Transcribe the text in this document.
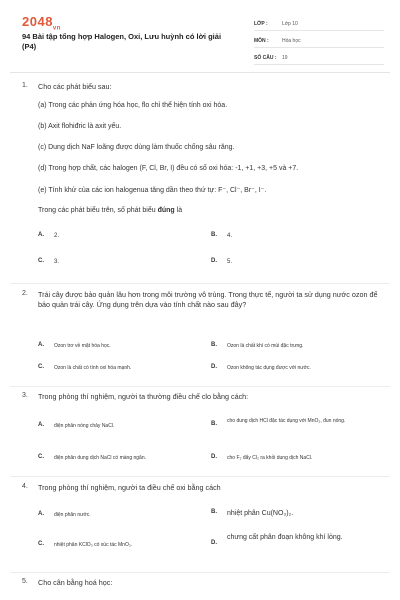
$2048_{vn}$
94 Bài tập tổng hợp Halogen, Oxi, Lưu huỳnh có lời giải (P4)
LỚP :	Lớp 10
MÔN :	Hóa học
SỐ CÂU :	19
1. Cho các phát biểu sau:
(a) Trong các phản ứng hóa học, flo chỉ thể hiện tính oxi hóa.
(b) Axit flohiđric là axit yếu.
(c) Dung dịch NaF loãng được dùng làm thuốc chống sâu răng.
(d) Trong hợp chất, các halogen (F, Cl, Br, I) đều có số oxi hóa: -1, +1, +3, +5 và +7.
(e) Tính khử của các ion halogenua tăng dần theo thứ tự: F⁻, Cl⁻, Br⁻, I⁻.
Trong các phát biểu trên, số phát biểu đúng là
A.	2.	B.	4.
C.	3.	D.	5.
2. Trái cây được bảo quản lâu hơn trong môi trường vô trùng. Trong thực tế, người ta sử dụng nước ozon để bảo quản trái cây. Ứng dụng trên dựa vào tính chất nào sau đây?
A.	Ozon trơ về mặt hóa học.	B.	Ozon là chất khí có mùi đặc trưng.
C.	Ozon là chất có tính oxi hóa mạnh.	D.	Ozon không tác dụng được với nước.
3. Trong phòng thí nghiệm, người ta thường điều chế clo bằng cách:
A.	điện phân nóng chảy NaCl.	B.	cho dung dịch HCl đặc tác dụng với MnO₂, đun nóng.
C.	điện phân dung dịch NaCl có màng ngăn.	D.	cho F₂ đẩy Cl₂ ra khỏi dung dịch NaCl.
4. Trong phòng thí nghiệm, người ta điều chế oxi bằng cách
A.	điện phân nước.	B.	nhiệt phân Cu(NO₃)₂.
C.	nhiệt phân KClO₃ có xúc tác MnO₂.	D.
chưng cất phân đoạn không khí lỏng.
5. Cho cân bằng hoá học:
